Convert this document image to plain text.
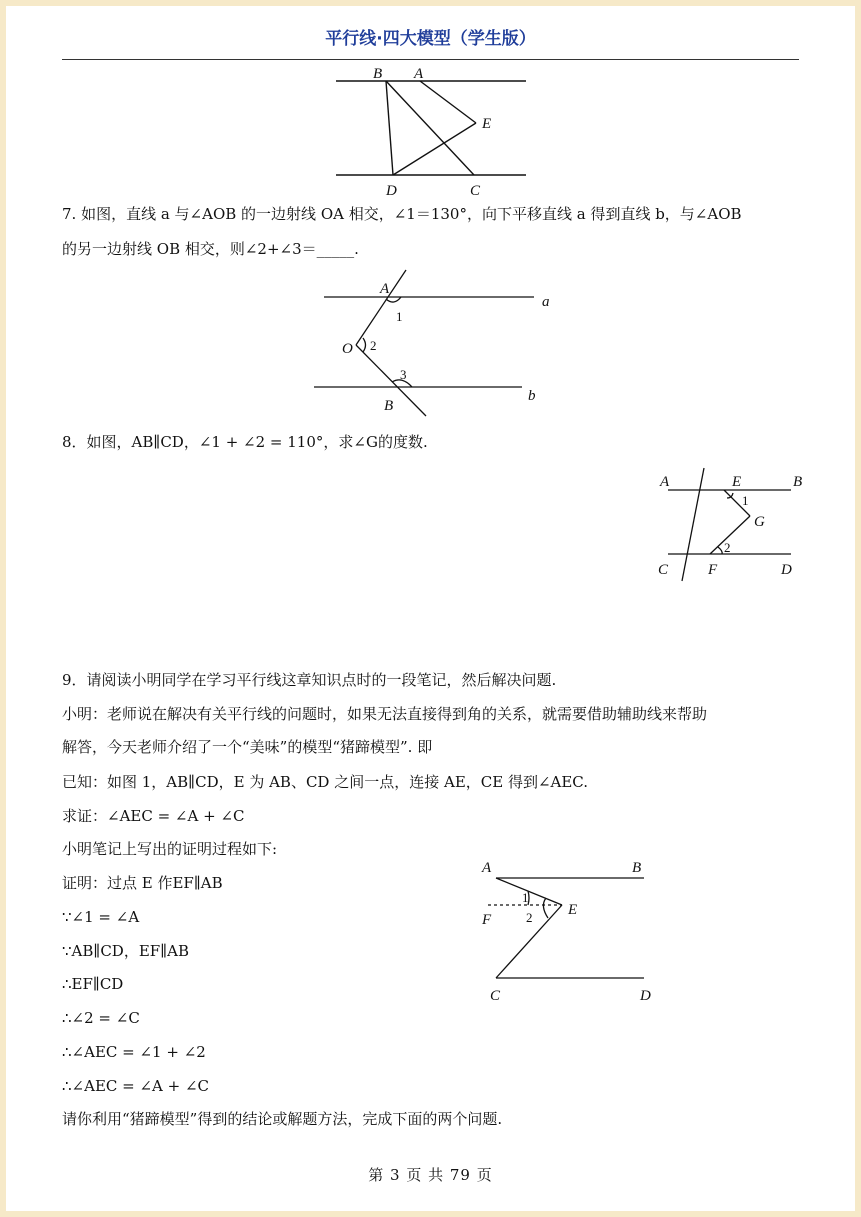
平行线·四大模型（学生版）
B A
E
D	C
7. 如图，直线 a 与∠AOB 的一边射线 OA 相交，∠1＝130°，向下平移直线 a 得到直线 b，与∠AOB
的另一边射线 OB 相交，则∠2+∠3＝_____.
A
a
1
O 2
3
B
b
8．如图，AB∥CD，∠1 + ∠2 = 110°，求∠G的度数.
A	E	B
1
G
2
C	F	D
9．请阅读小明同学在学习平行线这章知识点时的一段笔记，然后解决问题.
小明：老师说在解决有关平行线的问题时，如果无法直接得到角的关系，就需要借助辅助线来帮助
解答，今天老师介绍了一个“美味”的模型“猪蹄模型”. 即
已知：如图 1，AB∥CD，E 为 AB、CD 之间一点，连接 AE，CE 得到∠AEC.
求证：∠AEC = ∠A + ∠C
小明笔记上写出的证明过程如下:
证明：过点 E 作EF∥AB
∵∠1 = ∠A
∵AB∥CD，EF∥AB
∴EF∥CD
∴∠2 = ∠C
∴∠AEC = ∠1 + ∠2
∴∠AEC = ∠A + ∠C
请你利用“猪蹄模型”得到的结论或解题方法，完成下面的两个问题.
A	B
1
F	2 E
C	D
第 3 页 共 79 页
